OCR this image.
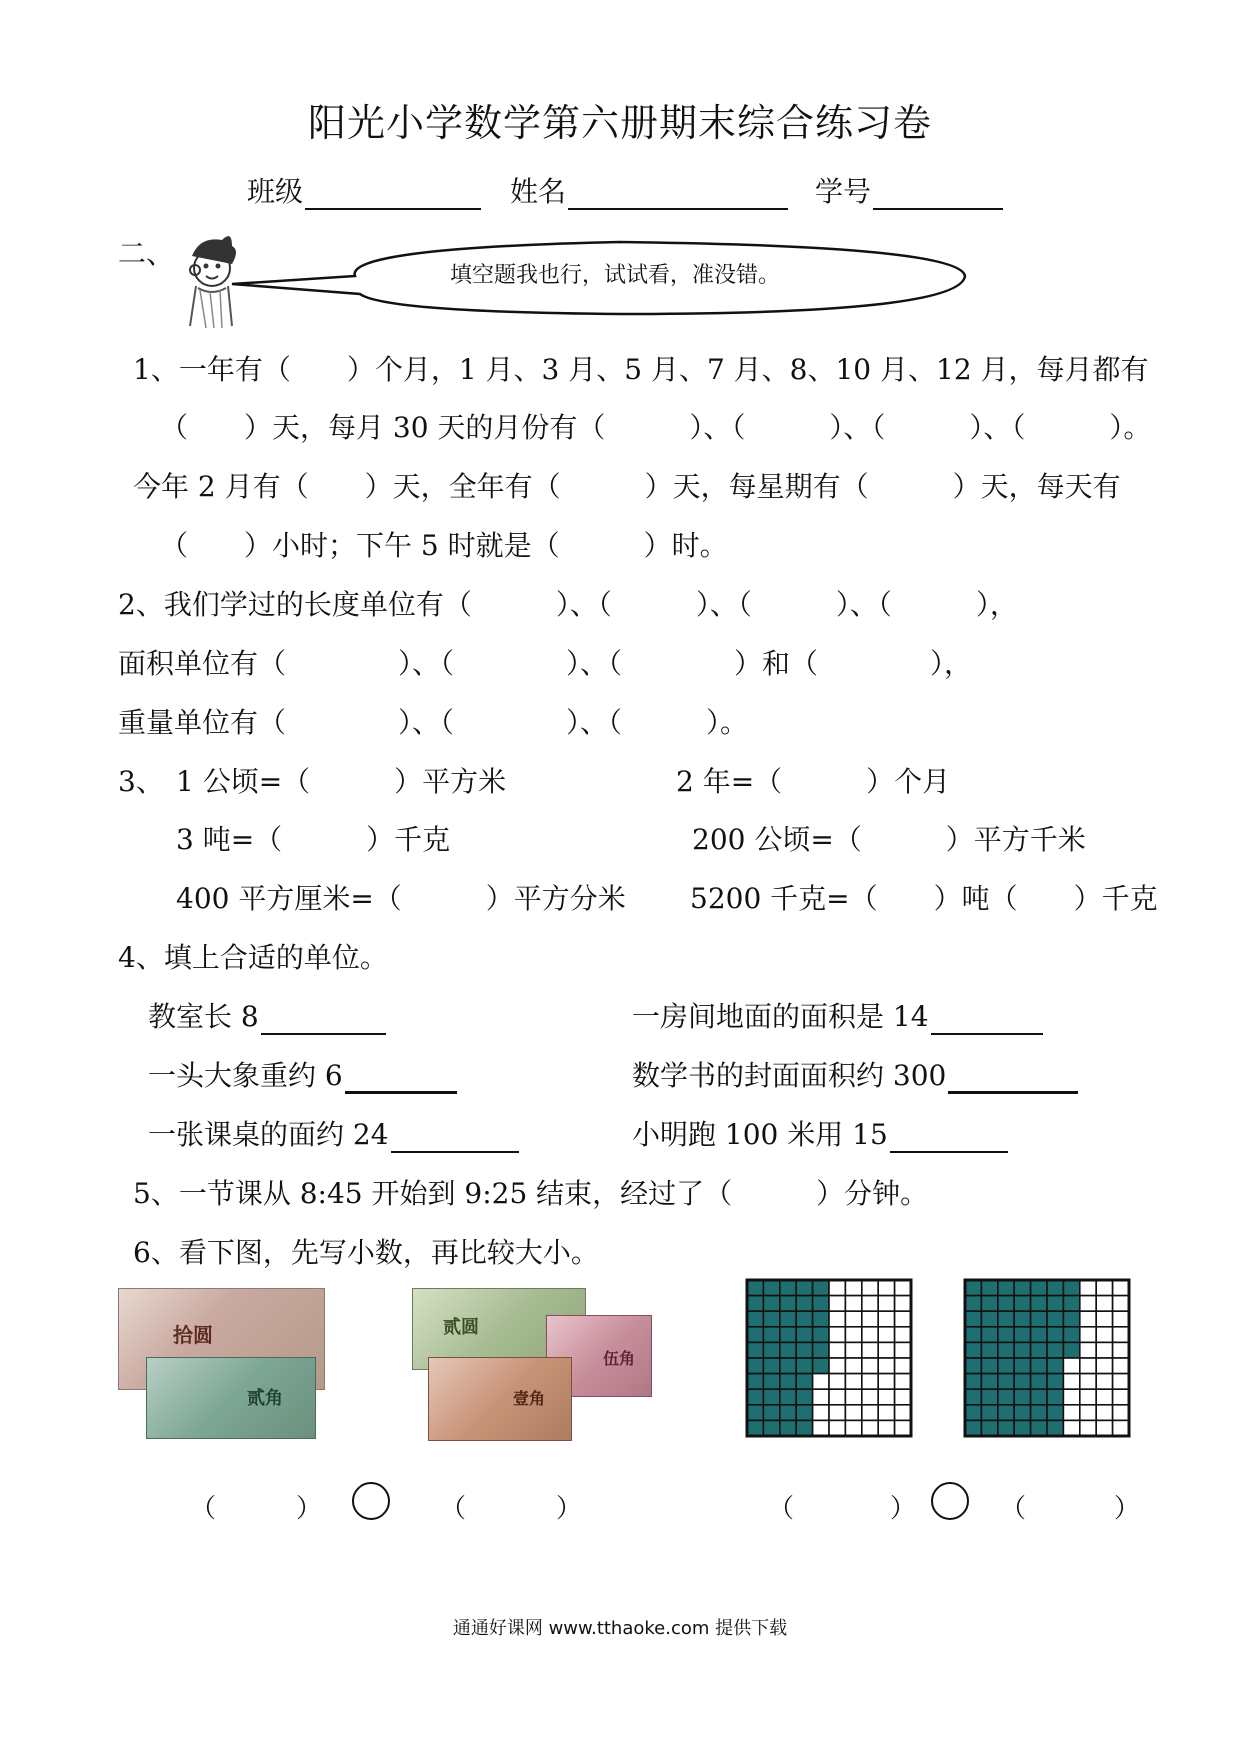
阳光小学数学第六册期末综合练习卷
班级	姓名	学号
二、
填空题我也行，试试看，准没错。
1、一年有（　　）个月，1 月、3 月、5 月、7 月、8、10 月、12 月，每月都有
（　　）天，每月 30 天的月份有（　　　）、（　　　）、（　　　）、（　　　）。
今年 2 月有（　　）天，全年有（　　　）天，每星期有（　　　）天，每天有
（　　）小时；下午 5 时就是（　　　）时。
2、我们学过的长度单位有（　　　）、（　　　）、（　　　）、（　　　），
面积单位有（　　　　）、（　　　　）、（　　　　）和（　　　　），
重量单位有（　　　　）、（　　　　）、（　　　）。
3、 1 公顷=（　　　）平方米	2 年=（　　　）个月
3 吨=（　　　）千克	200 公顷=（　　　）平方千米
400 平方厘米=（　　　）平方分米 5200 千克=（　　）吨（　　）千克
4、填上合适的单位。
教室长 8	一房间地面的面积是 14
一头大象重约 6	数学书的封面面积约 300
一张课桌的面约 24	小明跑 100 米用 15
5、一节课从 8:45 开始到 9:25 结束，经过了（　　　）分钟。
6、看下图，先写小数，再比较大小。
拾圆
贰角
贰圆
伍角
壹角
（	）	（	）	（	）	（	）
通通好课网 www.tthaoke.com 提供下载
